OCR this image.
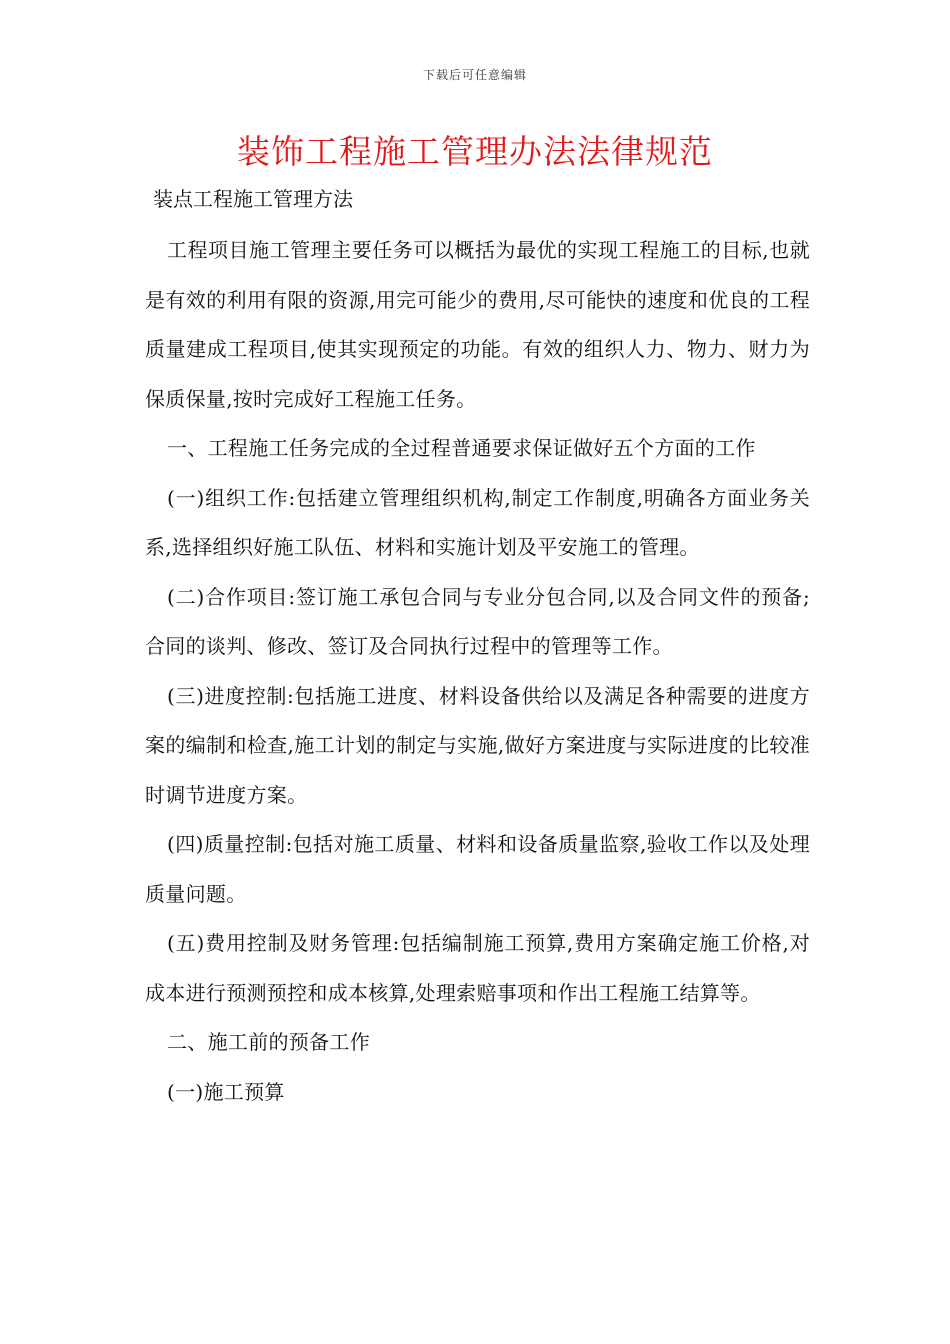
下载后可任意编辑
装饰工程施工管理办法法律规范

装点工程施工管理方法

工程项目施工管理主要任务可以概括为最优的实现工程施工的目标,也就是有效的利用有限的资源,用完可能少的费用,尽可能快的速度和优良的工程质量建成工程项目,使其实现预定的功能。有效的组织人力、物力、财力为保质保量,按时完成好工程施工任务。

一、工程施工任务完成的全过程普通要求保证做好五个方面的工作

(一)组织工作:包括建立管理组织机构,制定工作制度,明确各方面业务关系,选择组织好施工队伍、材料和实施计划及平安施工的管理。

(二)合作项目:签订施工承包合同与专业分包合同,以及合同文件的预备;合同的谈判、修改、签订及合同执行过程中的管理等工作。

(三)进度控制:包括施工进度、材料设备供给以及满足各种需要的进度方案的编制和检查,施工计划的制定与实施,做好方案进度与实际进度的比较准时调节进度方案。

(四)质量控制:包括对施工质量、材料和设备质量监察,验收工作以及处理质量问题。

(五)费用控制及财务管理:包括编制施工预算,费用方案确定施工价格,对成本进行预测预控和成本核算,处理索赔事项和作出工程施工结算等。

二、施工前的预备工作

(一)施工预算
